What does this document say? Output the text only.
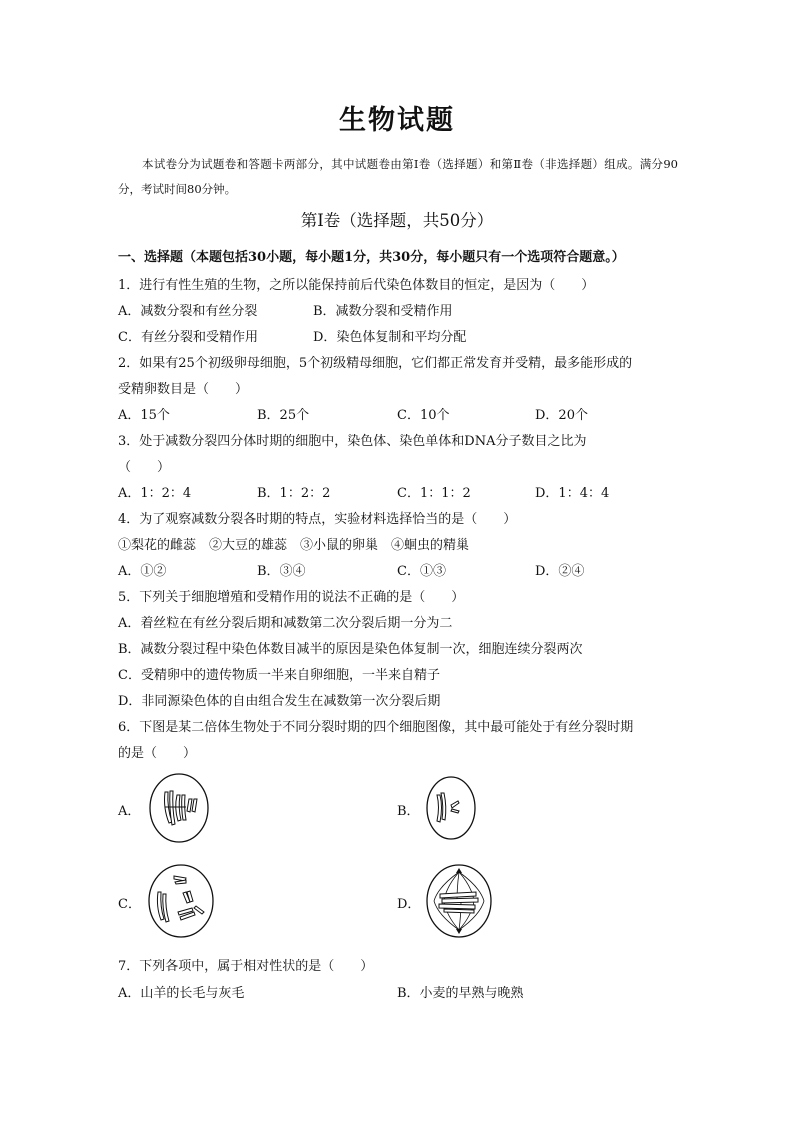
生物试题
本试卷分为试题卷和答题卡两部分，其中试题卷由第Ⅰ卷（选择题）和第Ⅱ卷（非选择题）组成。满分90分，考试时间80分钟。
第Ⅰ卷（选择题，共50分）
一、选择题（本题包括30小题，每小题1分，共30分，每小题只有一个选项符合题意。）
1．进行有性生殖的生物，之所以能保持前后代染色体数目的恒定，是因为（　　）
A．减数分裂和有丝分裂	B．减数分裂和受精作用
C．有丝分裂和受精作用	D．染色体复制和平均分配
2．如果有25个初级卵母细胞，5个初级精母细胞，它们都正常发育并受精，最多能形成的
受精卵数目是（　　）
A．15个	B．25个	C．10个	D．20个
3．处于减数分裂四分体时期的细胞中，染色体、染色单体和DNA分子数目之比为
（　　）
A．1：2：4	B．1：2：2	C．1：1：2	D．1：4：4
4．为了观察减数分裂各时期的特点，实验材料选择恰当的是（　　）
①梨花的雌蕊　②大豆的雄蕊　③小鼠的卵巢　④蛔虫的精巢
A．①②	B．③④	C．①③	D．②④
5．下列关于细胞增殖和受精作用的说法不正确的是（　　）
A．着丝粒在有丝分裂后期和减数第二次分裂后期一分为二
B．减数分裂过程中染色体数目减半的原因是染色体复制一次，细胞连续分裂两次
C．受精卵中的遗传物质一半来自卵细胞，一半来自精子
D．非同源染色体的自由组合发生在减数第一次分裂后期
6．下图是某二倍体生物处于不同分裂时期的四个细胞图像，其中最可能处于有丝分裂时期
的是（　　）
A．	B．
C．	D．
7．下列各项中，属于相对性状的是（　　）
A．山羊的长毛与灰毛	B．小麦的早熟与晚熟
